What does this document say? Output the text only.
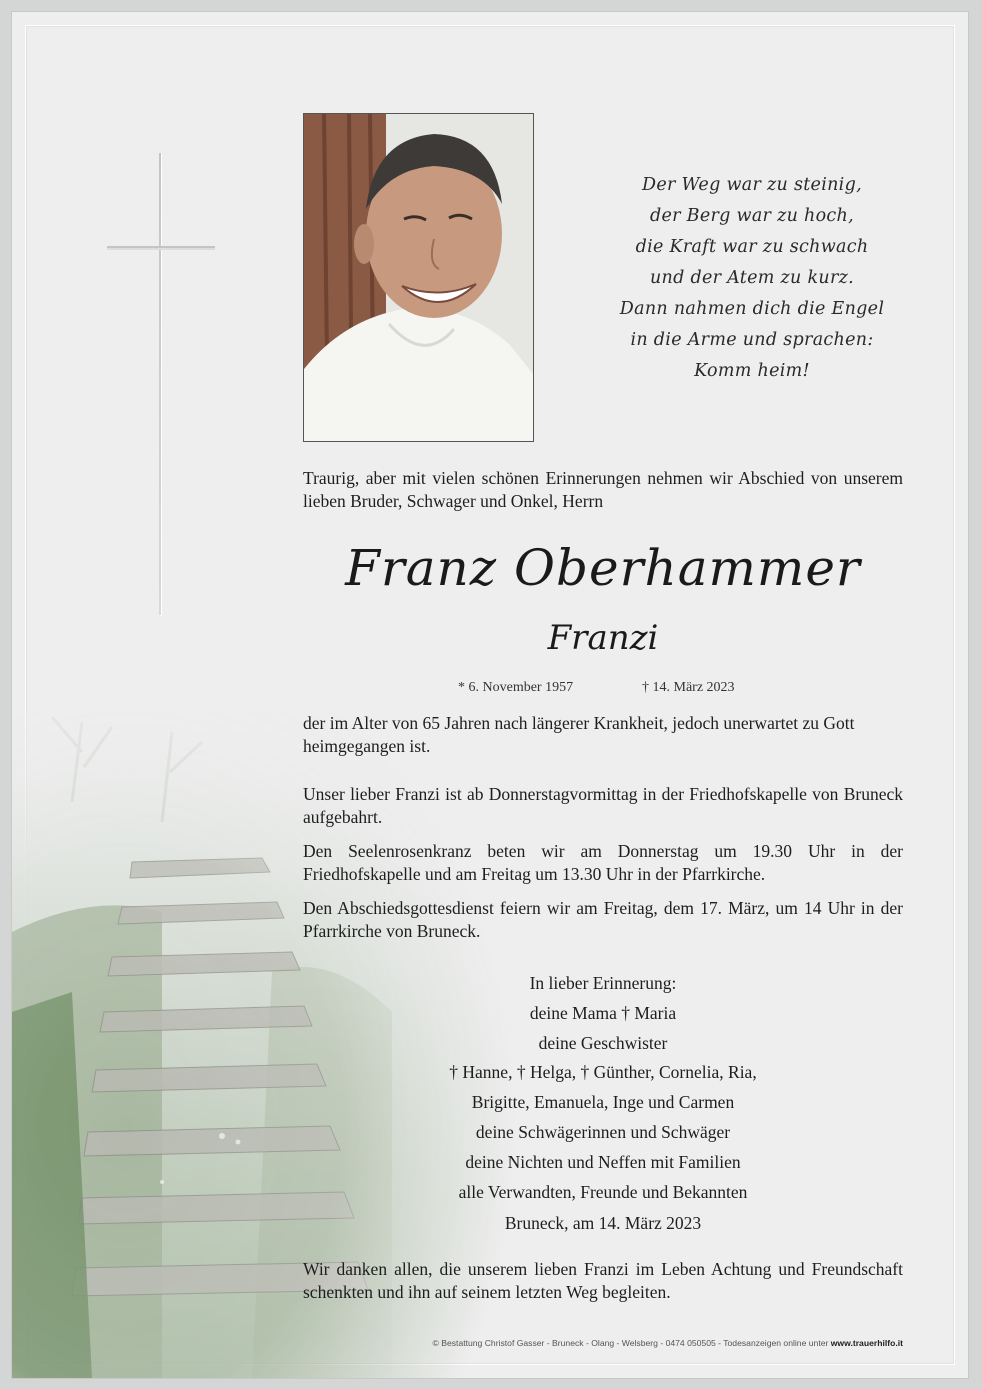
Der Weg war zu steinig,
der Berg war zu hoch,
die Kraft war zu schwach
und der Atem zu kurz.
Dann nahmen dich die Engel
in die Arme und sprachen:
Komm heim!
Traurig, aber mit vielen schönen Erinnerungen nehmen wir Abschied von unserem lieben Bruder, Schwager und Onkel, Herrn
Franz Oberhammer
Franzi
* 6. November 1957	† 14. März 2023
der im Alter von 65 Jahren nach längerer Krankheit, jedoch unerwartet zu Gott heimgegangen ist.
Unser lieber Franzi ist ab Donnerstagvormittag in der Friedhofskapelle von Bruneck aufgebahrt.
Den Seelenrosenkranz beten wir am Donnerstag um 19.30 Uhr in der Friedhofskapelle und am Freitag um 13.30 Uhr in der Pfarrkirche.
Den Abschiedsgottesdienst feiern wir am Freitag, dem 17. März, um 14 Uhr in der Pfarrkirche von Bruneck.
In lieber Erinnerung:
deine Mama † Maria
deine Geschwister
† Hanne, † Helga, † Günther, Cornelia, Ria,
Brigitte, Emanuela, Inge und Carmen
deine Schwägerinnen und Schwäger
deine Nichten und Neffen mit Familien
alle Verwandten, Freunde und Bekannten
Bruneck, am 14. März 2023
Wir danken allen, die unserem lieben Franzi im Leben Achtung und Freundschaft schenkten und ihn auf seinem letzten Weg begleiten.
© Bestattung Christof Gasser - Bruneck - Olang - Welsberg - 0474 050505 - Todesanzeigen online unter www.trauerhilfo.it
